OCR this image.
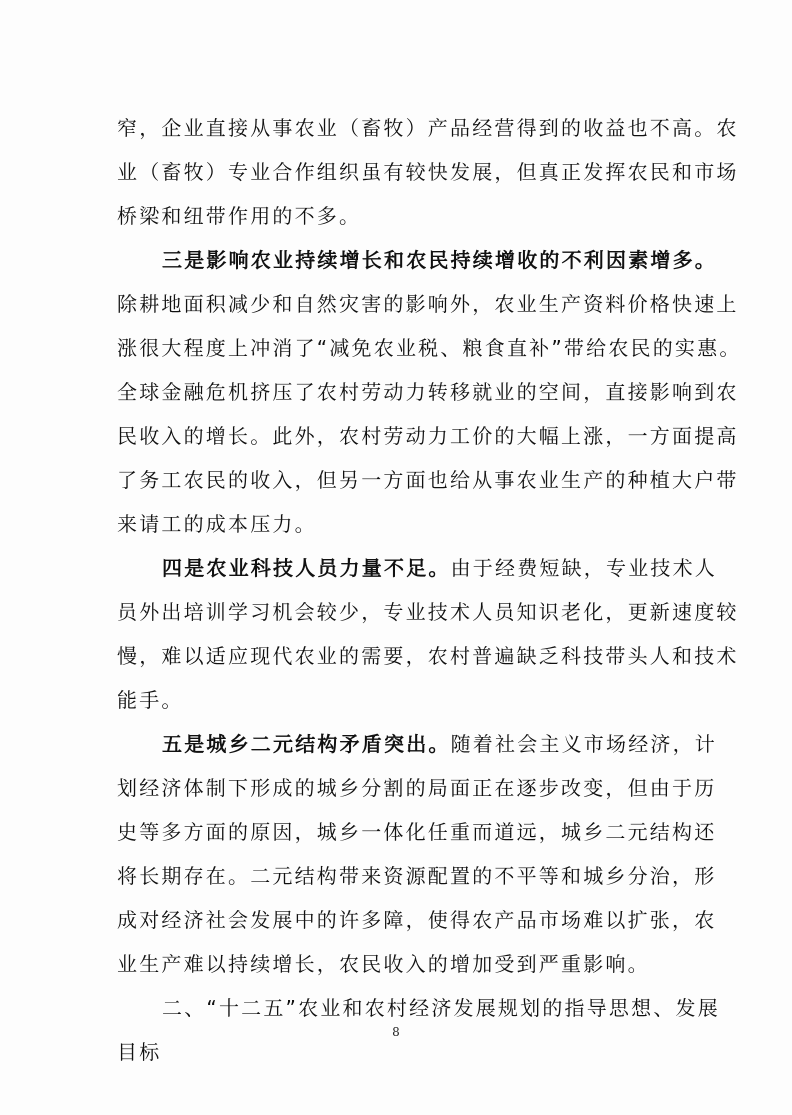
窄，企业直接从事农业（畜牧）产品经营得到的收益也不高。农
业（畜牧）专业合作组织虽有较快发展，但真正发挥农民和市场
桥梁和纽带作用的不多。
三是影响农业持续增长和农民持续增收的不利因素增多。
除耕地面积减少和自然灾害的影响外，农业生产资料价格快速上
涨很大程度上冲消了“减免农业税、粮食直补”带给农民的实惠。
全球金融危机挤压了农村劳动力转移就业的空间，直接影响到农
民收入的增长。此外，农村劳动力工价的大幅上涨，一方面提高
了务工农民的收入，但另一方面也给从事农业生产的种植大户带
来请工的成本压力。
四是农业科技人员力量不足。 由于经费短缺，专业技术人
员外出培训学习机会较少，专业技术人员知识老化，更新速度较
慢，难以适应现代农业的需要，农村普遍缺乏科技带头人和技术
能手。
五是城乡二元结构矛盾突出。 随着社会主义市场经济，计
划经济体制下形成的城乡分割的局面正在逐步改变，但由于历
史等多方面的原因，城乡一体化任重而道远，城乡二元结构还
将长期存在。二元结构带来资源配置的不平等和城乡分治，形
成对经济社会发展中的许多障，使得农产品市场难以扩张，农
业生产难以持续增长，农民收入的增加受到严重影响。
二、“十二五”农业和农村经济发展规划的指导思想、发展
目标
8
